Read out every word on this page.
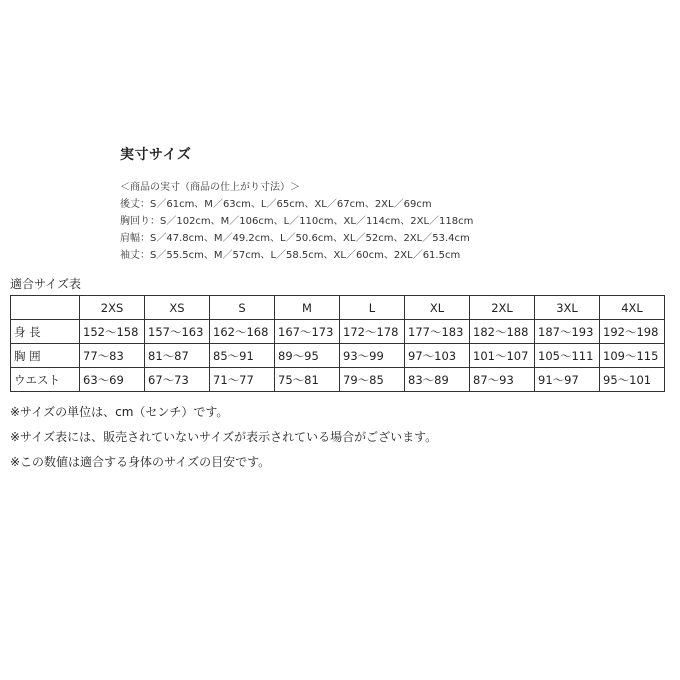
実寸サイズ
＜商品の実寸（商品の仕上がり寸法）＞
後丈：S／61cm、M／63cm、L／65cm、XL／67cm、2XL／69cm
胸回り：S／102cm、M／106cm、L／110cm、XL／114cm、2XL／118cm
肩幅：S／47.8cm、M／49.2cm、L／50.6cm、XL／52cm、2XL／53.4cm
袖丈：S／55.5cm、M／57cm、L／58.5cm、XL／60cm、2XL／61.5cm
適合サイズ表
	2XS	XS	S	M	L	XL	2XL	3XL	4XL
身 長	152～158	157～163	162～168	167～173	172～178	177～183	182～188	187～193	192～198
胸 囲	77～83	81～87	85～91	89～95	93～99	97～103	101～107	105～111	109～115
ウエスト	63～69	67～73	71～77	75～81	79～85	83～89	87～93	91～97	95～101
※サイズの単位は、cm（センチ）です。
※サイズ表には、販売されていないサイズが表示されている場合がございます。
※この数値は適合する身体のサイズの目安です。
